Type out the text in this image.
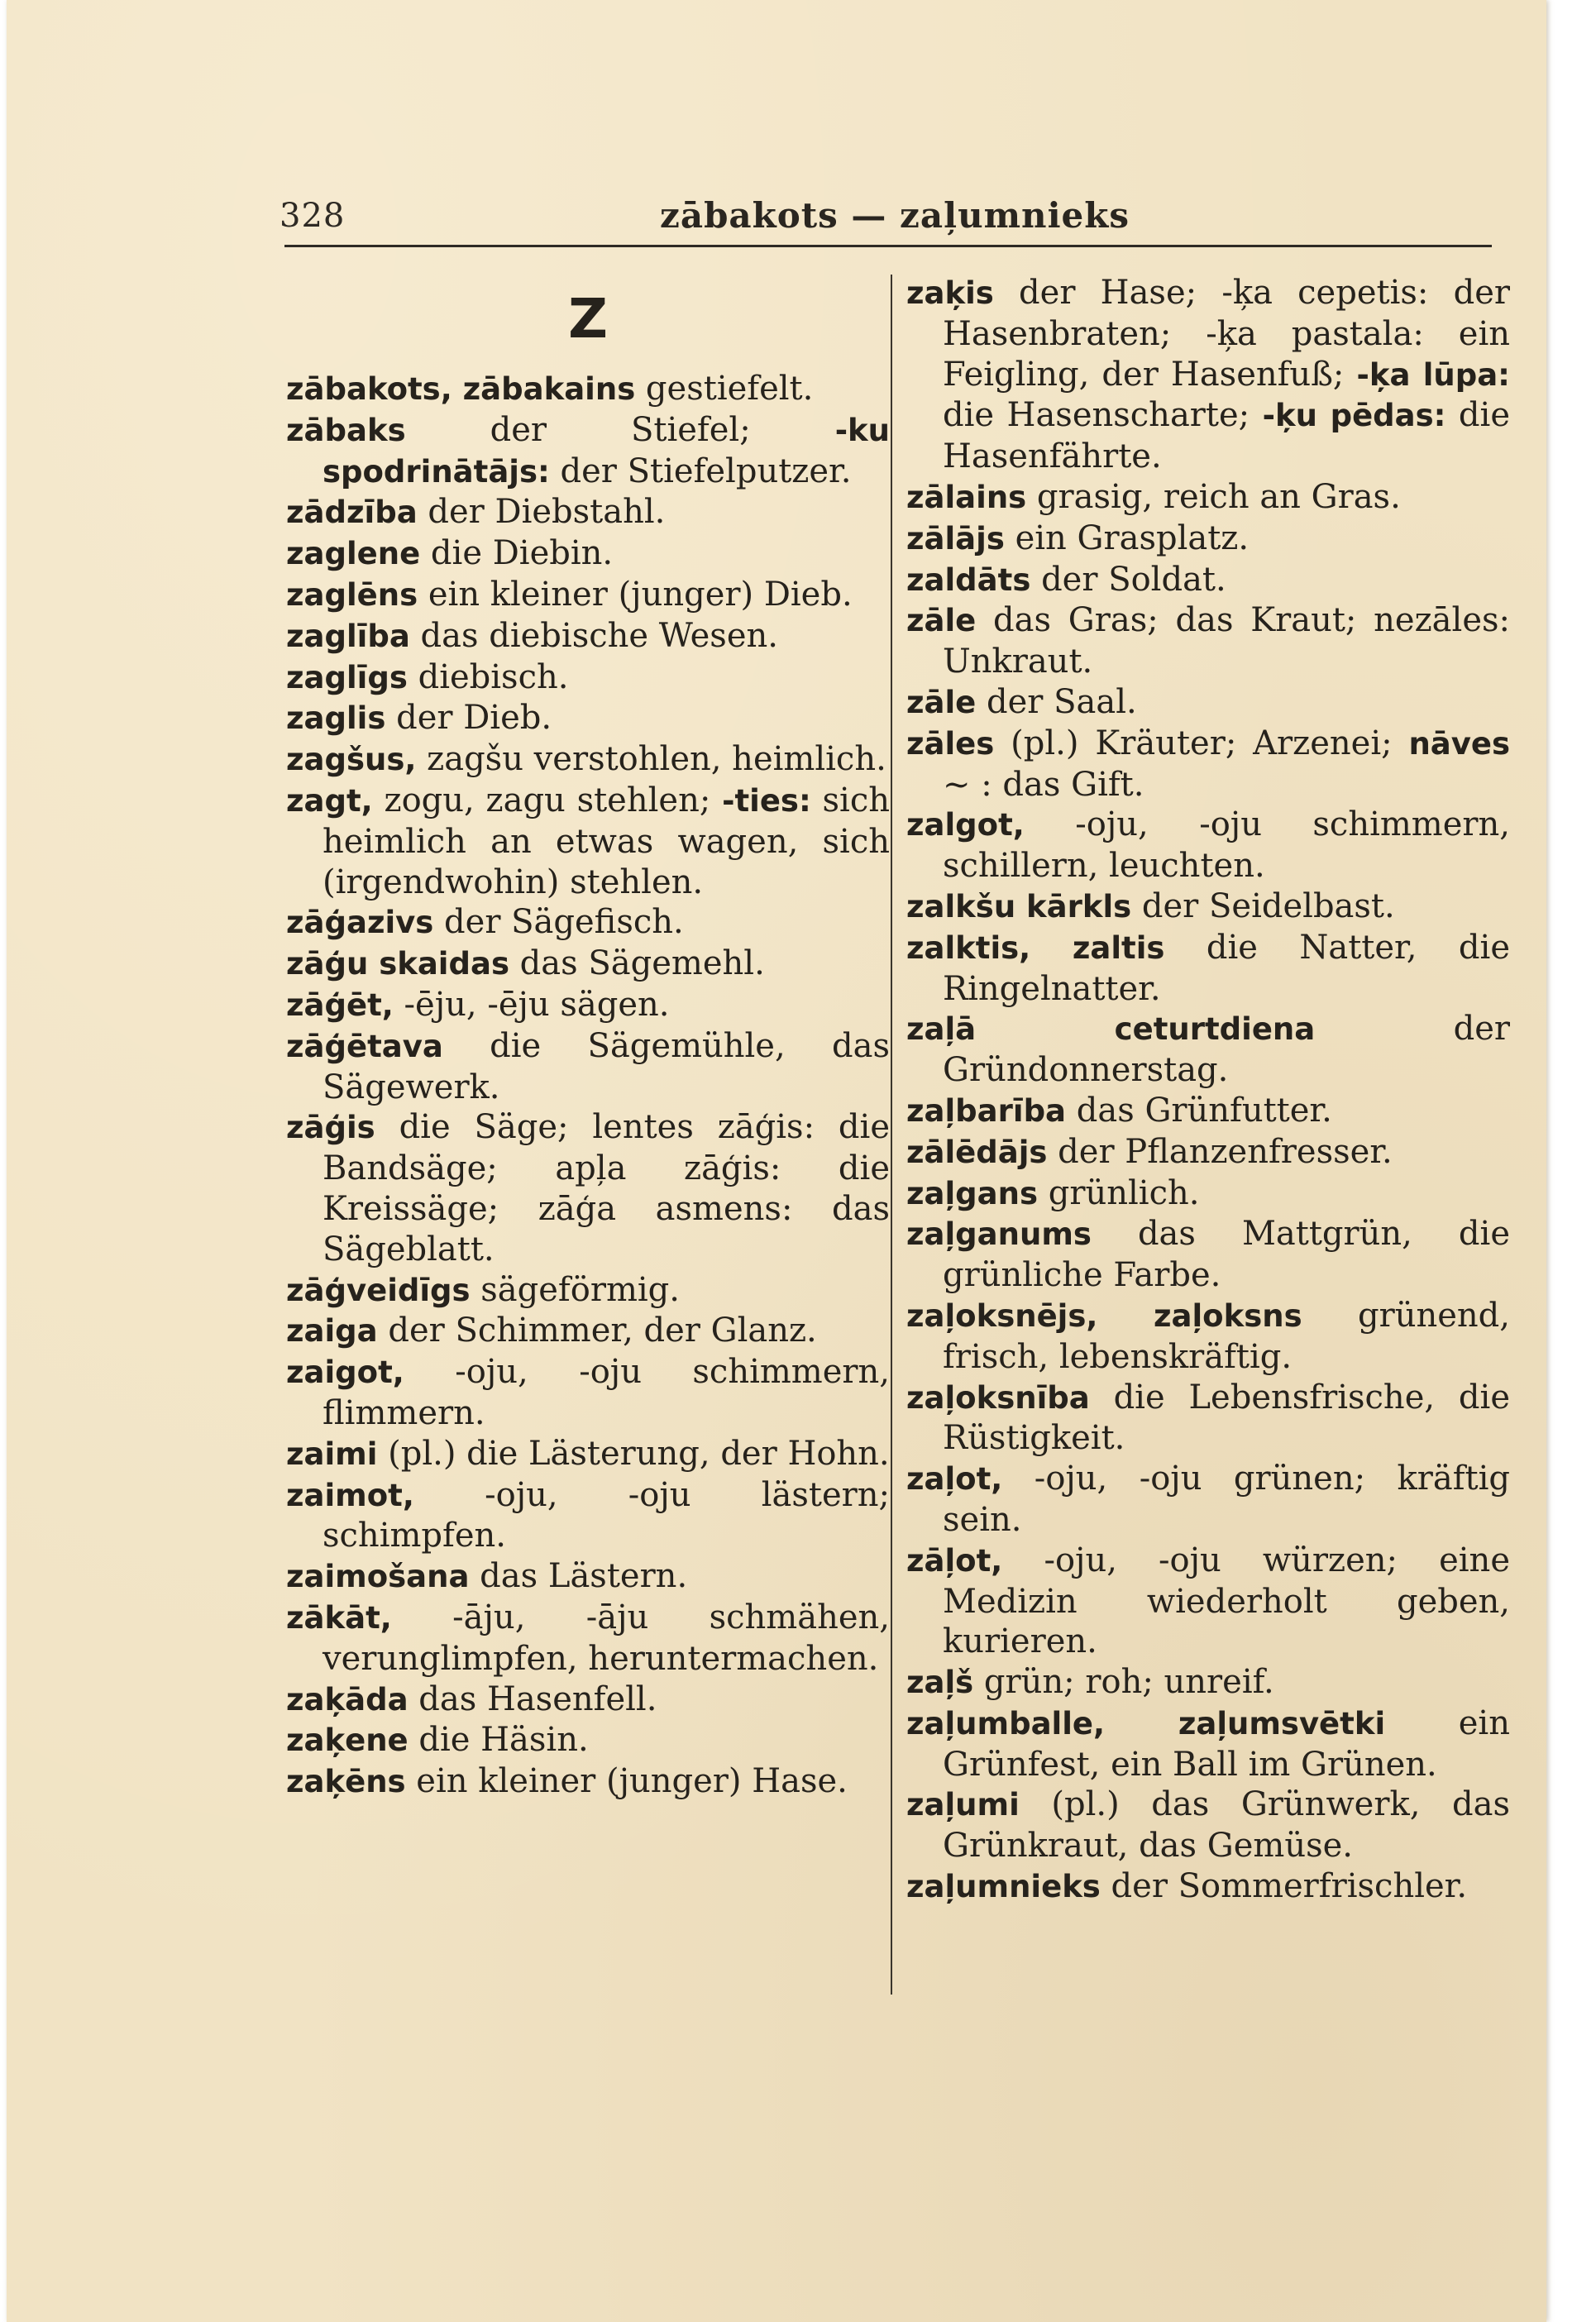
328	zābakots — zaļumnieks
Z
zābakots, zābakains gestiefelt.
zābaks der Stiefel; -ku spodrinātājs: der Stiefelputzer.
zādzība der Diebstahl.
zaglene die Diebin.
zaglēns ein kleiner (junger) Dieb.
zaglība das diebische Wesen.
zaglīgs diebisch.
zaglis der Dieb.
zagšus, zagšu verstohlen, heimlich.
zagt, zogu, zagu stehlen; -ties: sich heimlich an etwas wagen, sich (irgendwohin) stehlen.
zāģazivs der Sägefisch.
zāģu skaidas das Sägemehl.
zāģēt, -ēju, -ēju sägen.
zāģētava die Sägemühle, das Sägewerk.
zāģis die Säge; lentes zāģis: die Bandsäge; apļa zāģis: die Kreissäge; zāģa asmens: das Sägeblatt.
zāģveidīgs sägeförmig.
zaiga der Schimmer, der Glanz.
zaigot, -oju, -oju schimmern, flimmern.
zaimi (pl.) die Lästerung, der Hohn.
zaimot, -oju, -oju lästern; schimpfen.
zaimošana das Lästern.
zākāt, -āju, -āju schmähen, verunglimpfen, heruntermachen.
zaķāda das Hasenfell.
zaķene die Häsin.
zaķēns ein kleiner (junger) Hase.
zaķis der Hase; -ķa cepetis: der Hasenbraten; -ķa pastala: ein Feigling, der Hasenfuß; -ķa lūpa: die Hasenscharte; -ķu pēdas: die Hasenfährte.
zālains grasig, reich an Gras.
zālājs ein Grasplatz.
zaldāts der Soldat.
zāle das Gras; das Kraut; nezāles: Unkraut.
zāle der Saal.
zāles (pl.) Kräuter; Arzenei; nāves ~ : das Gift.
zalgot, -oju, -oju schimmern, schillern, leuchten.
zalkšu kārkls der Seidelbast.
zalktis, zaltis die Natter, die Ringelnatter.
zaļā ceturtdiena der Gründonnerstag.
zaļbarība das Grünfutter.
zālēdājs der Pflanzenfresser.
zaļgans grünlich.
zaļganums das Mattgrün, die grünliche Farbe.
zaļoksnējs, zaļoksns grünend, frisch, lebenskräftig.
zaļoksnība die Lebensfrische, die Rüstigkeit.
zaļot, -oju, -oju grünen; kräftig sein.
zāļot, -oju, -oju würzen; eine Medizin wiederholt geben, kurieren.
zaļš grün; roh; unreif.
zaļumballe, zaļumsvētki ein Grünfest, ein Ball im Grünen.
zaļumi (pl.) das Grünwerk, das Grünkraut, das Gemüse.
zaļumnieks der Sommerfrischler.
